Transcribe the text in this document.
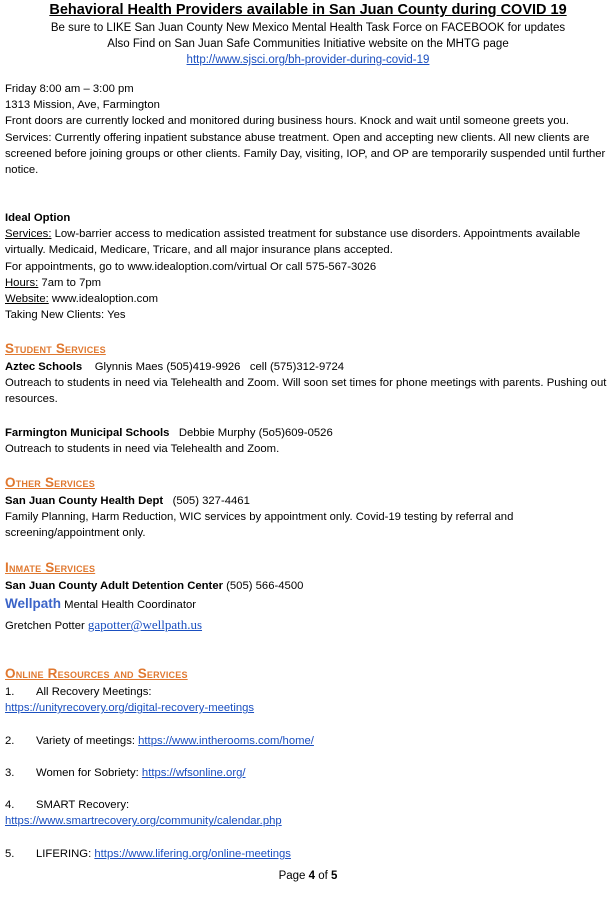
Behavioral Health Providers available in San Juan County during COVID 19
Be sure to LIKE San Juan County New Mexico Mental Health Task Force on FACEBOOK for updates
Also Find on San Juan Safe Communities Initiative website on the MHTG page
http://www.sjsci.org/bh-provider-during-covid-19
Friday 8:00 am – 3:00 pm
1313 Mission, Ave, Farmington
Front doors are currently locked and monitored during business hours. Knock and wait until someone greets you.
Services: Currently offering inpatient substance abuse treatment. Open and accepting new clients. All new clients are screened before joining groups or other clients. Family Day, visiting, IOP, and OP are temporarily suspended until further notice.
Ideal Option
Services: Low-barrier access to medication assisted treatment for substance use disorders. Appointments available virtually. Medicaid, Medicare, Tricare, and all major insurance plans accepted.
For appointments, go to www.idealoption.com/virtual Or call 575-567-3026
Hours: 7am to 7pm
Website: www.idealoption.com
Taking New Clients: Yes
Student Services
Aztec Schools    Glynnis Maes (505)419-9926   cell (575)312-9724
Outreach to students in need via Telehealth and Zoom. Will soon set times for phone meetings with parents. Pushing out resources.
Farmington Municipal Schools   Debbie Murphy (5o5)609-0526
Outreach to students in need via Telehealth and Zoom.
Other Services
San Juan County Health Dept   (505) 327-4461
Family Planning, Harm Reduction, WIC services by appointment only. Covid-19 testing by referral and screening/appointment only.
Inmate Services
San Juan County Adult Detention Center (505) 566-4500
Wellpath Mental Health Coordinator
Gretchen Potter gapotter@wellpath.us
Online Resources and Services
1. All Recovery Meetings:
https://unityrecovery.org/digital-recovery-meetings
2. Variety of meetings: https://www.intherooms.com/home/
3. Women for Sobriety: https://wfsonline.org/
4. SMART Recovery:
https://www.smartrecovery.org/community/calendar.php
5. LIFERING: https://www.lifering.org/online-meetings
Page 4 of 5
